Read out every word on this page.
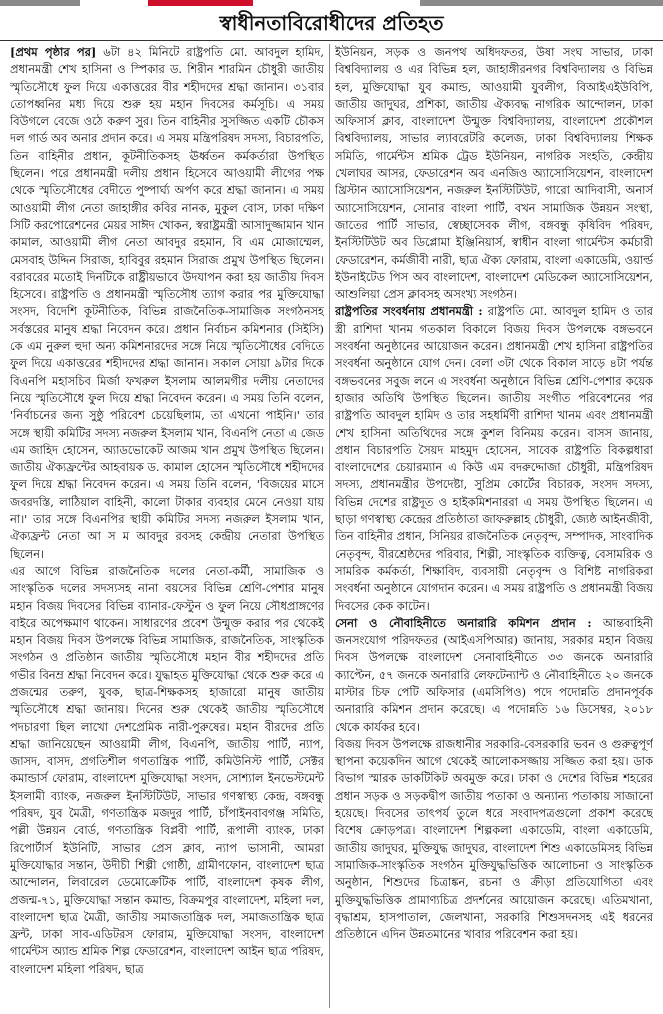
স্বাধীনতাবিরোধীদের প্রতিহত

[প্রথম পৃষ্ঠার পর] ৬টা ৪২ মিনিটে রাষ্ট্রপতি মো. আবদুল হামিদ, প্রধানমন্ত্রী শেখ হাসিনা ও স্পিকার ড. শিরীন শারমিন চৌধুরী জাতীয় স্মৃতিসৌধে ফুল দিয়ে একাত্তরের বীর শহীদদের শ্রদ্ধা জানান। ৩১বার তোপধ্বনির মধ্য দিয়ে শুরু হয় মহান দিবসের কর্মসূচি। এ সময় বিউগলে বেজে ওঠে করুণ সুর। তিন বাহিনীর সুসজ্জিত একটি চৌকস দল গার্ড অব অনার প্রদান করে। এ সময় মন্ত্রিপরিষদ সদস্য, বিচারপতি, তিন বাহিনীর প্রধান, কূটনীতিকসহ ঊর্ধ্বতন কর্মকর্তারা উপস্থিত ছিলেন। পরে প্রধানমন্ত্রী দলীয় প্রধান হিসেবে আওয়ামী লীগের পক্ষ থেকে স্মৃতিসৌধের বেদীতে পুষ্পার্ঘ্য অর্পণ করে শ্রদ্ধা জানান। এ সময় আওয়ামী লীগ নেতা জাহাঙ্গীর কবির নানক, মুকুল বোস, ঢাকা দক্ষিণ সিটি করপোরেশনের মেয়র সাঈদ খোকন, স্বরাষ্ট্রমন্ত্রী আসাদুজ্জামান খান কামাল, আওয়ামী লীগ নেতা আবদুর রহমান, বি এম মোজাম্মেল, মেসবাহ উদ্দিন সিরাজ, হাবিবুর রহমান সিরাজ প্রমুখ উপস্থিত ছিলেন। বরাবরের মতোই দিনটিকে রাষ্ট্রীয়ভাবে উদযাপন করা হয় জাতীয় দিবস হিসেবে। রাষ্ট্রপতি ও প্রধানমন্ত্রী স্মৃতিসৌধ ত্যাগ করার পর মুক্তিযোদ্ধা সংসদ, বিদেশি কূটনীতিক, বিভিন্ন রাজনৈতিক-সামাজিক সংগঠনসহ সর্বস্তরের মানুষ শ্রদ্ধা নিবেদন করে। প্রধান নির্বাচন কমিশনার (সিইসি) কে এম নুরুল হুদা অন্য কমিশনারদের সঙ্গে নিয়ে স্মৃতিসৌধের বেদিতে ফুল দিয়ে একাত্তরের শহীদদের শ্রদ্ধা জানান। সকাল সোয়া ৯টার দিকে বিএনপি মহাসচিব মির্জা ফখরুল ইসলাম আলমগীর দলীয় নেতাদের নিয়ে স্মৃতিসৌধে ফুল দিয়ে শ্রদ্ধা নিবেদন করেন। এ সময় তিনি বলেন, 'নির্বাচনের জন্য সুষ্ঠু পরিবেশ চেয়েছিলাম, তা এখনো পাইনি।' তার সঙ্গে স্থায়ী কমিটির সদস্য নজরুল ইসলাম খান, বিএনপি নেতা এ জেড এম জাহিদ হোসেন, অ্যাডভোকেট আজম খান প্রমুখ উপস্থিত ছিলেন। জাতীয় ঐক্যফ্রন্টের আহবায়ক ড. কামাল হোসেন স্মৃতিসৌধে শহীদদের ফুল দিয়ে শ্রদ্ধা নিবেদন করেন। এ সময় তিনি বলেন, 'বিজয়ের মাসে জবরদস্তি, লাঠিয়াল বাহিনী, কালো টাকার ব্যবহার মেনে নেওয়া যায় না।' তার সঙ্গে বিএনপির স্থায়ী কমিটির সদস্য নজরুল ইসলাম খান, ঐক্যফ্রন্ট নেতা আ স ম আবদুর রবসহ কেন্দ্রীয় নেতারা উপস্থিত ছিলেন।

এর আগে বিভিন্ন রাজনৈতিক দলের নেতা-কর্মী, সামাজিক ও সাংস্কৃতিক দলের সদস্যসহ নানা বয়সের বিভিন্ন শ্রেণি-পেশার মানুষ মহান বিজয় দিবসের বিভিন্ন ব্যানার-ফেস্টুন ও ফুল নিয়ে সৌধপ্রাঙ্গণের বাইরে অপেক্ষমাণ থাকেন। সাধারণের প্রবেশ উন্মুক্ত করার পর থেকেই মহান বিজয় দিবস উপলক্ষে বিভিন্ন সামাজিক, রাজনৈতিক, সাংস্কৃতিক সংগঠন ও প্রতিষ্ঠান জাতীয় স্মৃতিসৌধে মহান বীর শহীদদের প্রতি গভীর বিনম্র শ্রদ্ধা নিবেদন করে। যুদ্ধাহত মুক্তিযোদ্ধা থেকে শুরু করে এ প্রজন্মের তরুণ, যুবক, ছাত্র-শিক্ষকসহ হাজারো মানুষ জাতীয় স্মৃতিসৌধে শ্রদ্ধা জানায়। দিনের শুরু থেকেই জাতীয় স্মৃতিসৌধে পদচারণা ছিল লাখো দেশপ্রেমিক নারী-পুরুষের। মহান বীরদের প্রতি শ্রদ্ধা জানিয়েছেন আওয়ামী লীগ, বিএনপি, জাতীয় পার্টি, ন্যাপ, জাসদ, বাসদ, প্রগতিশীল গণতান্ত্রিক পার্টি, কমিউনিস্ট পার্টি, সেক্টর কমান্ডার্স ফোরাম, বাংলাদেশ মুক্তিযোদ্ধা সংসদ, সোশ্যাল ইনভেস্টমেন্ট ইসলামী ব্যাংক, নজরুল ইনস্টিটিউট, সাভার গণস্বাস্থ্য কেন্দ্র, বঙ্গবন্ধু পরিষদ, যুব মৈত্রী, গণতান্ত্রিক মজদুর পার্টি, চাঁপাইনবাবগঞ্জ সমিতি, পল্লী উন্নয়ন বোর্ড, গণতান্ত্রিক বিপ্লবী পার্টি, রূপালী ব্যাংক, ঢাকা রিপোর্টার্স ইউনিটি, সাভার প্রেস ক্লাব, ন্যাপ ভাসানী, আমরা মুক্তিযোদ্ধার সন্তান, উদীচী শিল্পী গোষ্ঠী, গ্রামীণফোন, বাংলাদেশ ছাত্র আন্দোলন, লিবারেল ডেমোক্রেটিক পার্টি, বাংলাদেশ কৃষক লীগ, প্রজন্ম-৭১, মুক্তিযোদ্ধা সন্তান কমান্ড, বিক্রমপুর বাংলাদেশ, মহিলা দল, বাংলাদেশ ছাত্র মৈত্রী, জাতীয় সমাজতান্ত্রিক দল, সমাজতান্ত্রিক ছাত্র ফ্রন্ট, ঢাকা সাব-এডিটরস ফোরাম, মুক্তিযোদ্ধা সংসদ, বাংলাদেশ গার্মেন্টস অ্যান্ড শ্রমিক শিল্প ফেডারেশন, বাংলাদেশ আইন ছাত্র পরিষদ, বাংলাদেশ মহিলা পরিষদ, ছাত্র

ইউনিয়ন, সড়ক ও জনপথ অধিদফতর, উষা সংঘ সাভার, ঢাকা বিশ্ববিদ্যালয় ও এর বিভিন্ন হল, জাহাঙ্গীরনগর বিশ্ববিদ্যালয় ও বিভিন্ন হল, মুক্তিযোদ্ধা যুব কমান্ড, আওয়ামী যুবলীগ, বিআইএইউবিপি, জাতীয় জাদুঘর, প্রশিকা, জাতীয় ঐক্যবদ্ধ নাগরিক আন্দোলন, ঢাকা অফিসার্স ক্লাব, বাংলাদেশ উন্মুক্ত বিশ্ববিদ্যালয়, বাংলাদেশ প্রকৌশল বিশ্ববিদ্যালয়, সাভার ল্যাবরেটরি কলেজ, ঢাকা বিশ্ববিদ্যালয় শিক্ষক সমিতি, গার্মেন্টস শ্রমিক ট্রেড ইউনিয়ন, নাগরিক সংহতি, কেন্দ্রীয় খেলাঘর আসর, ফেডারেশন অব এনজিও অ্যাসোসিয়েশন, বাংলাদেশ খ্রিস্টান অ্যাসোসিয়েশন, নজরুল ইনস্টিটিউট, গারো আদিবাসী, অনার্স অ্যাসোসিয়েশন, সোনার বাংলা পার্টি, বখন সামাজিক উন্নয়ন সংস্থা, জাতের পার্টি সাভার, স্বেচ্ছাসেবক লীগ, বঙ্গবন্ধু কৃষিবিদ পরিষদ, ইনস্টিটিউট অব ডিপ্লোমা ইঞ্জিনিয়ার্স, স্বাধীন বাংলা গার্মেন্টস কর্মচারী ফেডারেশন, কর্মজীবী নারী, ছাত্র ঐক্য ফোরাম, বাংলা একাডেমি, ওয়ার্ল্ড ইউনাইটেড পিস অব বাংলাদেশ, বাংলাদেশ মেডিকেল অ্যাসোসিয়েশন, আশুলিয়া প্রেস ক্লাবসহ অসংখ্য সংগঠন।

রাষ্ট্রপতির সংবর্ধনায় প্রধানমন্ত্রী : রাষ্ট্রপতি মো. আবদুল হামিদ ও তার স্ত্রী রাশিদা খানম গতকাল বিকালে বিজয় দিবস উপলক্ষে বঙ্গভবনে সংবর্ধনা অনুষ্ঠানের আয়োজন করেন। প্রধানমন্ত্রী শেখ হাসিনা রাষ্ট্রপতির সংবর্ধনা অনুষ্ঠানে যোগ দেন। বেলা ৩টা থেকে বিকাল সাড়ে ৪টা পর্যন্ত বঙ্গভবনের সবুজ লনে এ সংবর্ধনা অনুষ্ঠানে বিভিন্ন শ্রেণি-পেশার কয়েক হাজার অতিথি উপস্থিত ছিলেন। জাতীয় সংগীত পরিবেশনের পর রাষ্ট্রপতি আবদুল হামিদ ও তার সহধর্মিণী রাশিদা খানম এবং প্রধানমন্ত্রী শেখ হাসিনা অতিথিদের সঙ্গে কুশল বিনিময় করেন। বাসস জানায়, প্রধান বিচারপতি সৈয়দ মাহমুদ হোসেন, সাবেক রাষ্ট্রপতি বিকল্পধারা বাংলাদেশের চেয়ারম্যান এ কিউ এম বদরুদ্দোজা চৌধুরী, মন্ত্রিপরিষদ সদস্য, প্রধানমন্ত্রীর উপদেষ্টা, সুপ্রিম কোর্টের বিচারক, সংসদ সদস্য, বিভিন্ন দেশের রাষ্ট্রদূত ও হাইকমিশনাররা এ সময় উপস্থিত ছিলেন। এ ছাড়া গণস্বাস্থ্য কেন্দ্রের প্রতিষ্ঠাতা জাফরুল্লাহ চৌধুরী, জ্যেষ্ঠ আইনজীবী, তিন বাহিনীর প্রধান, সিনিয়র রাজনৈতিক নেতৃবৃন্দ, সম্পাদক, সাংবাদিক নেতৃবৃন্দ, বীরশ্রেষ্ঠদের পরিবার, শিল্পী, সাংস্কৃতিক ব্যক্তিত্ব, বেসামরিক ও সামরিক কর্মকর্তা, শিক্ষাবিদ, ব্যবসায়ী নেতৃবৃন্দ ও বিশিষ্ট নাগরিকরা সংবর্ধনা অনুষ্ঠানে যোগদান করেন। এ সময় রাষ্ট্রপতি ও প্রধানমন্ত্রী বিজয় দিবসের কেক কাটেন।

সেনা ও নৌবাহিনীতে অনারারি কমিশন প্রদান : আন্তবাহিনী জনসংযোগ পরিদফতর (আইএসপিআর) জানায়, সরকার মহান বিজয় দিবস উপলক্ষে বাংলাদেশ সেনাবাহিনীতে ৩৩ জনকে অনারারি ক্যাপ্টেন, ৫৭ জনকে অনারারি লেফটেন্যান্ট ও নৌবাহিনীতে ২০ জনকে মাস্টার চিফ পেটি অফিসার (এমসিপিও) পদে পদোন্নতি প্রদানপূর্বক অনারারি কমিশন প্রদান করেছে। এ পদোন্নতি ১৬ ডিসেম্বর, ২০১৮ থেকে কার্যকর হবে।

বিজয় দিবস উপলক্ষে রাজধানীর সরকারি-বেসরকারি ভবন ও গুরুত্বপূর্ণ স্থাপনা কয়েকদিন আগে থেকেই আলোকসজ্জায় সজ্জিত করা হয়। ডাক বিভাগ স্মারক ডাকটিকিট অবমুক্ত করে। ঢাকা ও দেশের বিভিন্ন শহরের প্রধান সড়ক ও সড়কদ্বীপ জাতীয় পতাকা ও অন্যান্য পতাকায় সাজানো হয়েছে। দিবসের তাৎপর্য তুলে ধরে সংবাদপত্রগুলো প্রকাশ করেছে বিশেষ ক্রোড়পত্র। বাংলাদেশ শিল্পকলা একাডেমি, বাংলা একাডেমি, জাতীয় জাদুঘর, মুক্তিযুদ্ধ জাদুঘর, বাংলাদেশ শিশু একাডেমিসহ বিভিন্ন সামাজিক-সাংস্কৃতিক সংগঠন মুক্তিযুদ্ধভিত্তিক আলোচনা ও সাংস্কৃতিক অনুষ্ঠান, শিশুদের চিত্রাঙ্কন, রচনা ও ক্রীড়া প্রতিযোগিতা এবং মুক্তিযুদ্ধভিত্তিক প্রামাণ্যচিত্র প্রদর্শনের আয়োজন করেছে। এতিমখানা, বৃদ্ধাশ্রম, হাসপাতাল, জেলখানা, সরকারি শিশুসদনসহ এই ধরনের প্রতিষ্ঠানে এদিন উন্নতমানের খাবার পরিবেশন করা হয়।
